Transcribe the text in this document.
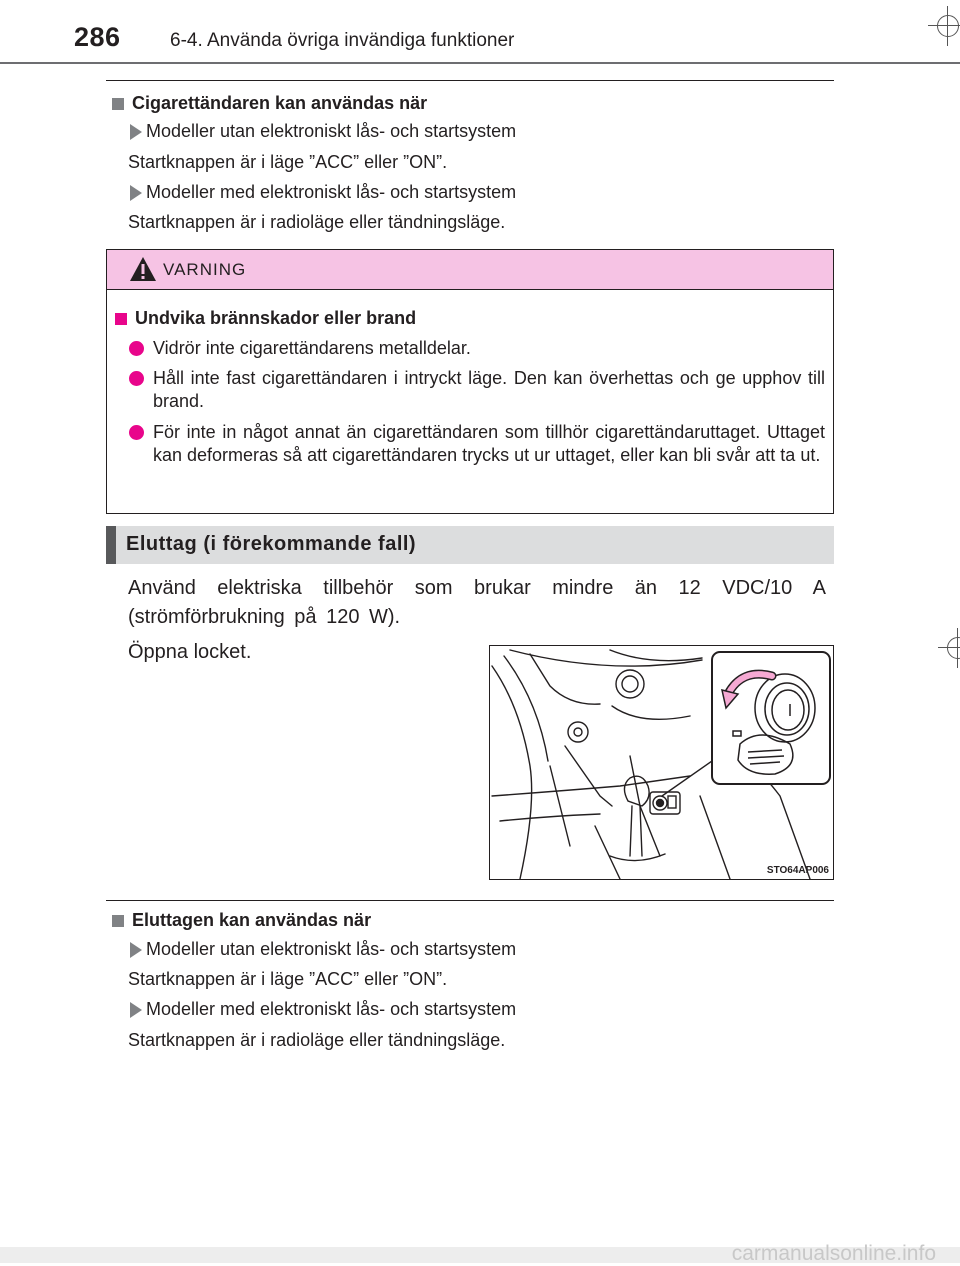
286	6-4. Använda övriga invändiga funktioner
Cigarettändaren kan användas när
Modeller utan elektroniskt lås- och startsystem
Startknappen är i läge ”ACC” eller ”ON”.
Modeller med elektroniskt lås- och startsystem
Startknappen är i radioläge eller tändningsläge.
VARNING
Undvika brännskador eller brand
Vidrör inte cigarettändarens metalldelar.
Håll inte fast cigarettändaren i intryckt läge. Den kan överhettas och ge upphov till brand.
För inte in något annat än cigarettändaren som tillhör cigarettändaruttaget. Uttaget kan deformeras så att cigarettändaren trycks ut ur uttaget, eller kan bli svår att ta ut.
Eluttag (i förekommande fall)
Använd elektriska tillbehör som brukar mindre än 12 VDC/10 A (strömförbrukning på 120 W).
Öppna locket.
STO64AP006
Eluttagen kan användas när
Modeller utan elektroniskt lås- och startsystem
Startknappen är i läge ”ACC” eller ”ON”.
Modeller med elektroniskt lås- och startsystem
Startknappen är i radioläge eller tändningsläge.
carmanualsonline.info
